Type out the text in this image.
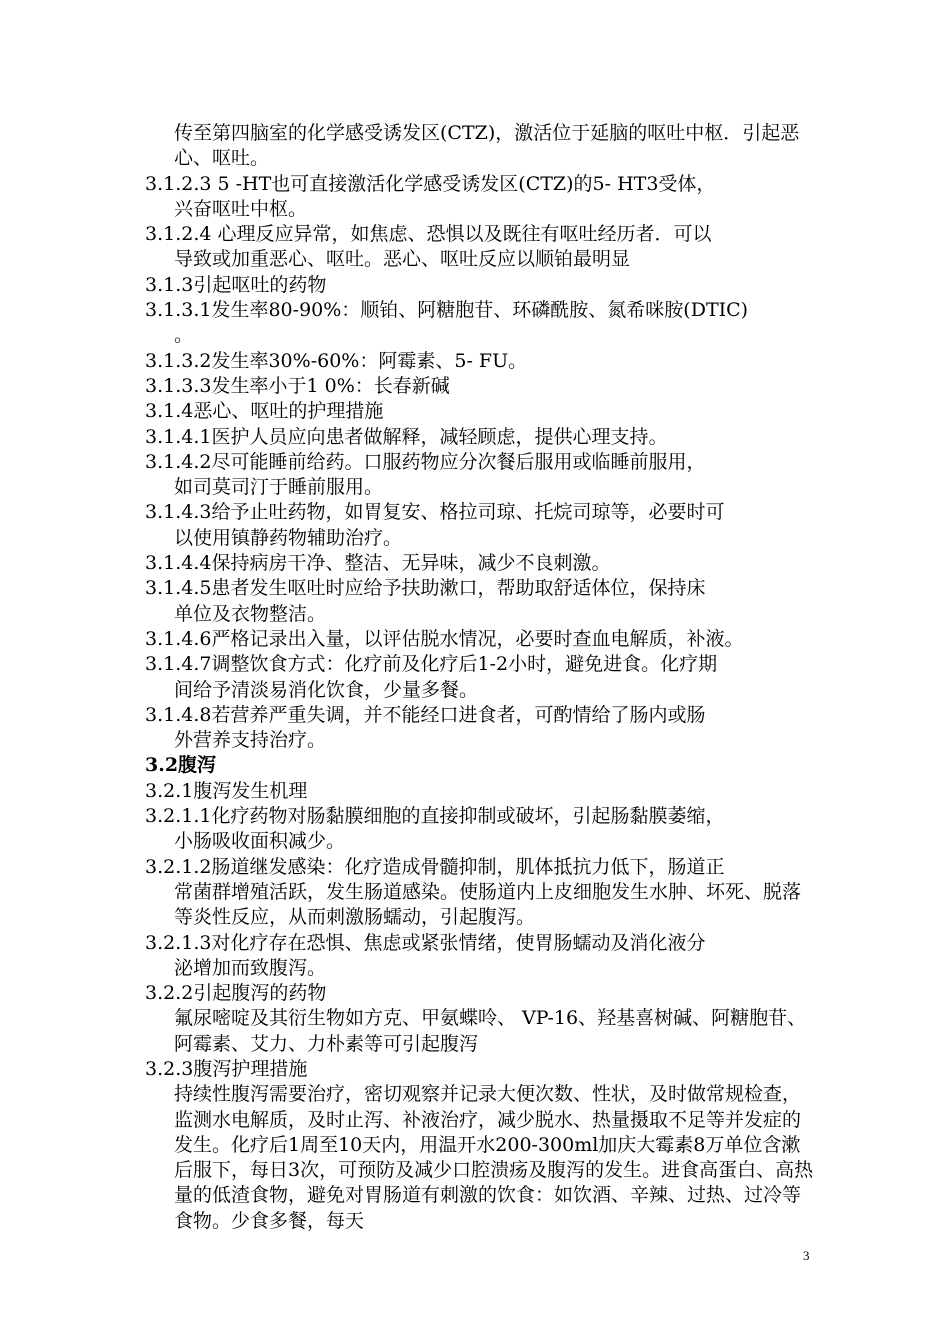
传至第四脑室的化学感受诱发区(CTZ)，激活位于延脑的呕吐中枢．引起恶心、呕吐。
3.1.2.3 5 -HT也可直接激活化学感受诱发区(CTZ)的5- HT3受体，
兴奋呕吐中枢。
3.1.2.4 心理反应异常，如焦虑、恐惧以及既往有呕吐经历者．可以
导致或加重恶心、呕吐。恶心、呕吐反应以顺铂最明显
3.1.3引起呕吐的药物
3.1.3.1发生率80-90%：顺铂、阿糖胞苷、环磷酰胺、氮希咪胺(DTIC)
。
3.1.3.2发生率30%-60%：阿霉素、5- FU。
3.1.3.3发生率小于1 0%：长春新碱
3.1.4恶心、呕吐的护理措施
3.1.4.1医护人员应向患者做解释，减轻顾虑，提供心理支持。
3.1.4.2尽可能睡前给药。口服药物应分次餐后服用或临睡前服用，
如司莫司汀于睡前服用。
3.1.4.3给予止吐药物，如胃复安、格拉司琼、托烷司琼等，必要时可
以使用镇静药物辅助治疗。
3.1.4.4保持病房干净、整洁、无异味，减少不良刺激。
3.1.4.5患者发生呕吐时应给予扶助漱口，帮助取舒适体位，保持床
单位及衣物整洁。
3.1.4.6严格记录出入量，以评估脱水情况，必要时查血电解质，补液。
3.1.4.7调整饮食方式：化疗前及化疗后1-2小时，避免进食。化疗期
间给予清淡易消化饮食，少量多餐。
3.1.4.8若营养严重失调，并不能经口进食者，可酌情给了肠内或肠
外营养支持治疗。
3.2腹泻
3.2.1腹泻发生机理
3.2.1.1化疗药物对肠黏膜细胞的直接抑制或破坏，引起肠黏膜萎缩，
小肠吸收面积减少。
3.2.1.2肠道继发感染：化疗造成骨髓抑制，肌体抵抗力低下，肠道正
常菌群增殖活跃，发生肠道感染。使肠道内上皮细胞发生水肿、坏死、脱落等炎性反应，从而刺激肠蠕动，引起腹泻。
3.2.1.3对化疗存在恐惧、焦虑或紧张情绪，使胃肠蠕动及消化液分
泌增加而致腹泻。
3.2.2引起腹泻的药物
氟尿嘧啶及其衍生物如方克、甲氨蝶呤、 VP-16、羟基喜树碱、阿糖胞苷、阿霉素、艾力、力朴素等可引起腹泻
3.2.3腹泻护理措施
持续性腹泻需要治疗，密切观察并记录大便次数、性状，及时做常规检查，监测水电解质，及时止泻、补液治疗，减少脱水、热量摄取不足等并发症的发生。化疗后1周至10天内，用温开水200-300ml加庆大霉素8万单位含漱后服下，每日3次，可预防及减少口腔溃疡及腹泻的发生。进食高蛋白、高热量的低渣食物，避免对胃肠道有刺激的饮食：如饮酒、辛辣、过热、过冷等食物。少食多餐，每天
3
